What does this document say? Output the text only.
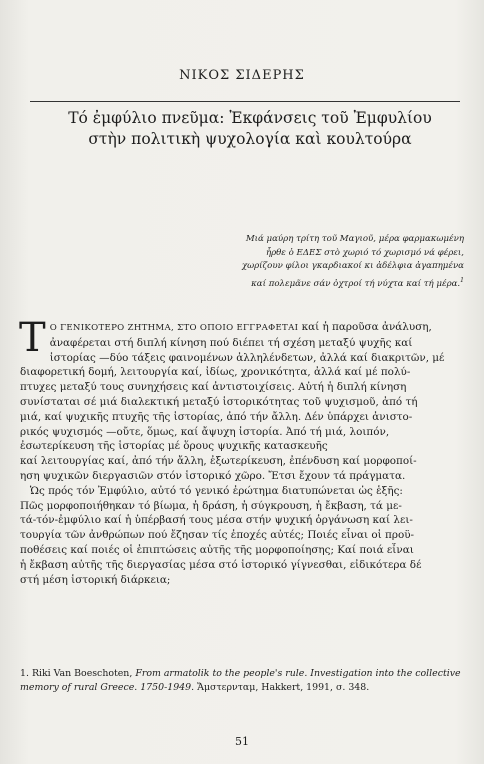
ΝΙΚΟΣ ΣΙΔΕΡΗΣ
Τό ἐμφύλιο πνεῦμα: Ἐκφάνσεις τοῦ Ἐμφυλίου
στὴν πολιτικὴ ψυχολογία καὶ κουλτούρα
Μιά μαύρη τρίτη τοῦ Μαγιοῦ, μέρα φαρμακωμένη
ἦρθε ὁ ΕΔΕΣ στὸ χωριό τό χωρισμό νά φέρει,
χωρίζουν φίλοι γκαρδιακοί κι ἀδέλφια ἀγαπημένα
καί πολεμᾶνε σάν ὀχτροί τή νύχτα καί τή μέρα.$^1$
Τ Ο ΓΕΝΙΚΟΤΕΡΟ ΖΗΤΗΜΑ, ΣΤΟ ΟΠΟΙΟ ΕΓΓΡΑΦΕΤΑΙ καί ἡ παροῦσα ἀνάλυση,
ἀναφέρεται στή διπλή κίνηση πού διέπει τή σχέση μεταξύ ψυχῆς καί
ἱστορίας —δύο τάξεις φαινομένων ἀλληλένδετων, ἀλλά καί διακριτῶν, μέ
διαφορετική δομή, λειτουργία καί, ἰδίως, χρονικότητα, ἀλλά καί μέ πολύ-
πτυχες μεταξύ τους συνηχήσεις καί ἀντιστοιχίσεις. Αὐτή ἡ διπλή κίνηση
συνίσταται σέ μιά διαλεκτική μεταξύ ἱστορικότητας τοῦ ψυχισμοῦ, ἀπό τή
μιά, καί ψυχικῆς πτυχῆς τῆς ἱστορίας, ἀπό τήν ἄλλη. Δέν ὑπάρχει ἀνιστο-
ρικός ψυχισμός —οὔτε, ὅμως, καί ἄψυχη ἱστορία. Ἀπό τή μιά, λοιπόν,
ἐσωτερίκευση τῆς ἱστορίας μέ ὅρους ψυχικῆς κατασκευῆς
καί λειτουργίας καί, ἀπό τήν ἄλλη, ἐξωτερίκευση, ἐπένδυση καί μορφοποί-
ηση ψυχικῶν διεργασιῶν στόν ἱστορικό χῶρο. Ἔτσι ἔχουν τά πράγματα.
Ὡς πρός τόν Ἐμφύλιο, αὐτό τό γενικό ἐρώτημα διατυπώνεται ὡς ἑξῆς:
Πῶς μορφοποιήθηκαν τό βίωμα, ἡ δράση, ἡ σύγκρουση, ἡ ἔκβαση, τά με-
τά-τόν-ἐμφύλιο καί ἡ ὑπέρβασή τους μέσα στήν ψυχική ὀργάνωση καί λει-
τουργία τῶν ἀνθρώπων πού ἔζησαν τίς ἐποχές αὐτές; Ποιές εἶναι οἱ προϋ-
ποθέσεις καί ποιές οἱ ἐπιπτώσεις αὐτῆς τῆς μορφοποίησης; Καί ποιά εἶναι
ἡ ἔκβαση αὐτῆς τῆς διεργασίας μέσα στό ἱστορικό γίγνεσθαι, εἰδικότερα δέ
στή μέση ἱστορική διάρκεια;
1. Riki Van Boeschoten, From armatolik to the people's rule. Investigation into the collective memory of rural Greece. 1750-1949. Ἄμστερνταμ, Hakkert, 1991, σ. 348.
51
